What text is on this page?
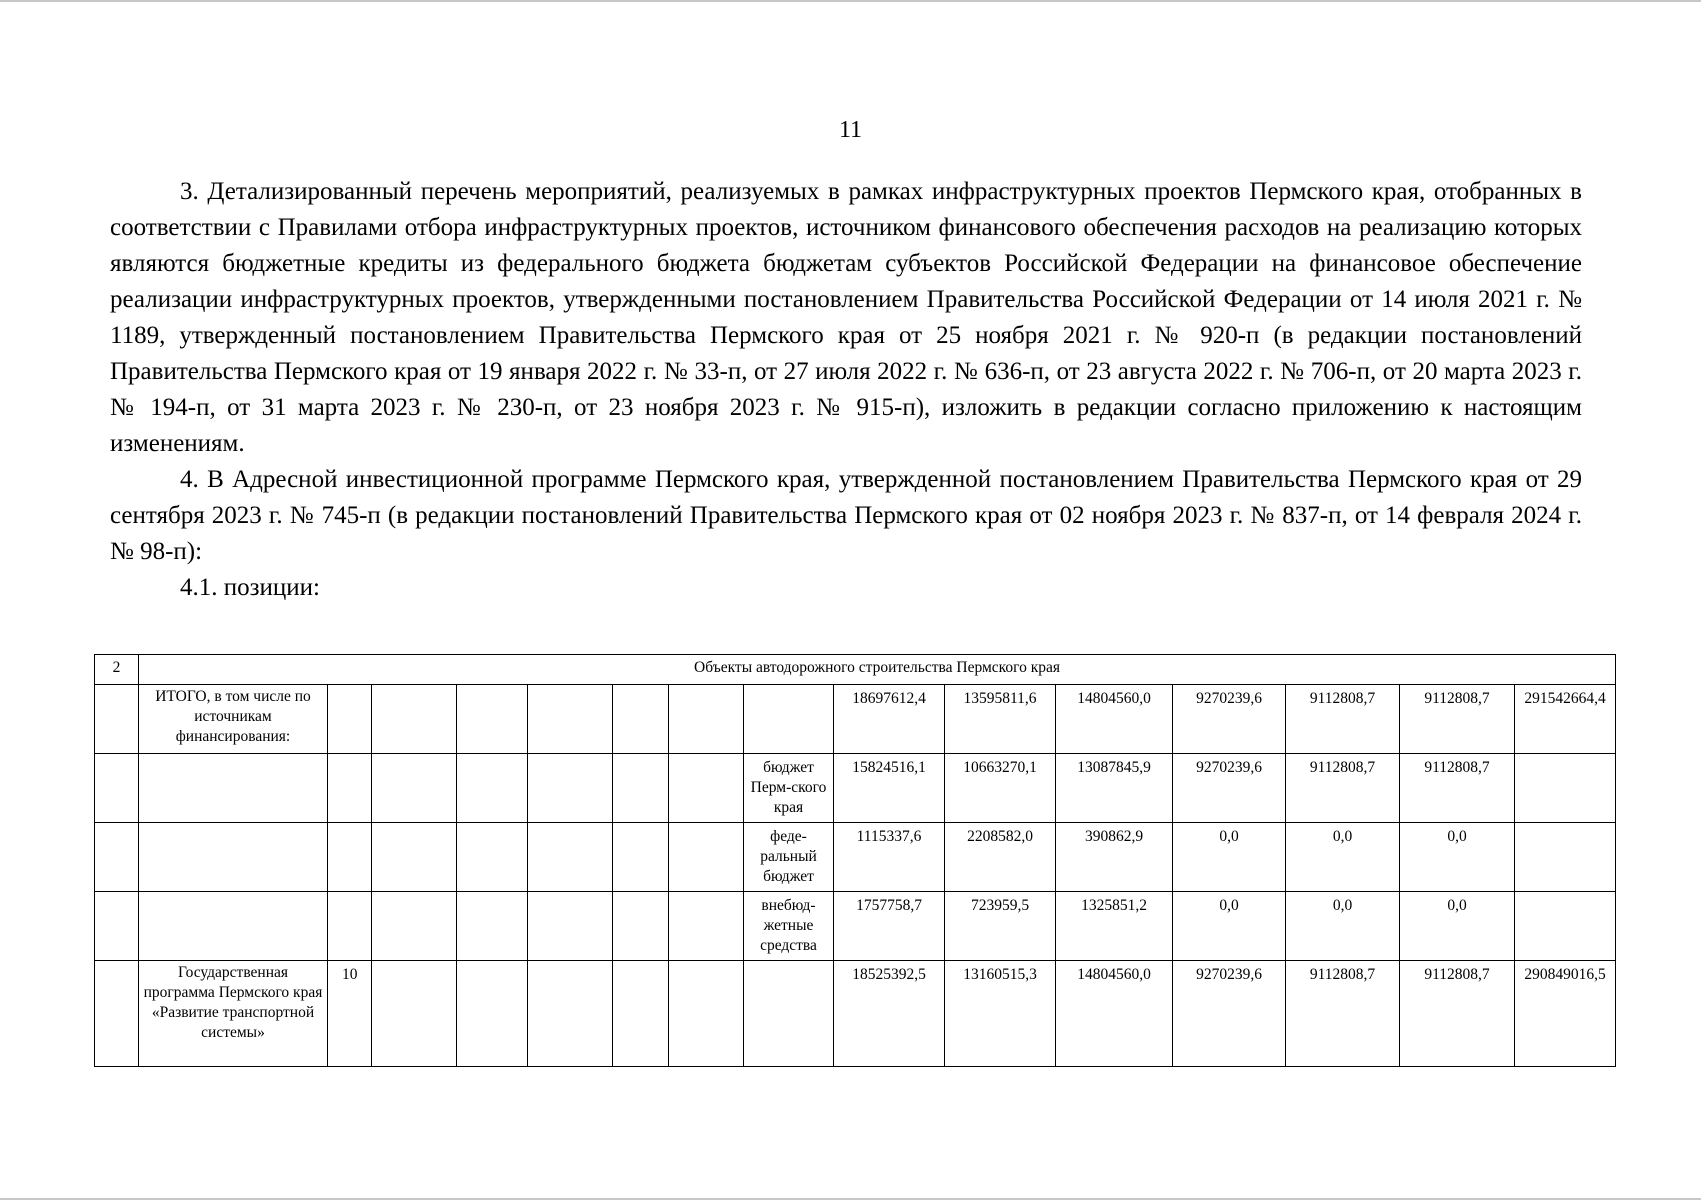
11

3. Детализированный перечень мероприятий, реализуемых в рамках инфраструктурных проектов Пермского края, отобранных в соответствии с Правилами отбора инфраструктурных проектов, источником финансового обеспечения расходов на реализацию которых являются бюджетные кредиты из федерального бюджета бюджетам субъектов Российской Федерации на финансовое обеспечение реализации инфраструктурных проектов, утвержденными постановлением Правительства Российской Федерации от 14 июля 2021 г. № 1189, утвержденный постановлением Правительства Пермского края от 25 ноября 2021 г. № 920-п (в редакции постановлений Правительства Пермского края от 19 января 2022 г. № 33-п, от 27 июля 2022 г. № 636-п, от 23 августа 2022 г. № 706-п, от 20 марта 2023 г. № 194-п, от 31 марта 2023 г. № 230-п, от 23 ноября 2023 г. № 915-п), изложить в редакции согласно приложению к настоящим изменениям.

4. В Адресной инвестиционной программе Пермского края, утвержденной постановлением Правительства Пермского края от 29 сентября 2023 г. № 745-п (в редакции постановлений Правительства Пермского края от 02 ноября 2023 г. № 837-п, от 14 февраля 2024 г. № 98-п):

4.1. позиции:

2	Объекты автодорожного строительства Пермского края														
	ИТОГО, в том числе по источникам финансирования:								18697612,4	13595811,6	14804560,0	9270239,6	9112808,7	9112808,7	291542664,4
								бюджет Перм-ского края	15824516,1	10663270,1	13087845,9	9270239,6	9112808,7	9112808,7	
								феде-ральный бюджет	1115337,6	2208582,0	390862,9	0,0	0,0	0,0	
								внебюд-жетные средства	1757758,7	723959,5	1325851,2	0,0	0,0	0,0	
	Государственная программа Пермского края «Развитие транспортной системы»	10							18525392,5	13160515,3	14804560,0	9270239,6	9112808,7	9112808,7	290849016,5
